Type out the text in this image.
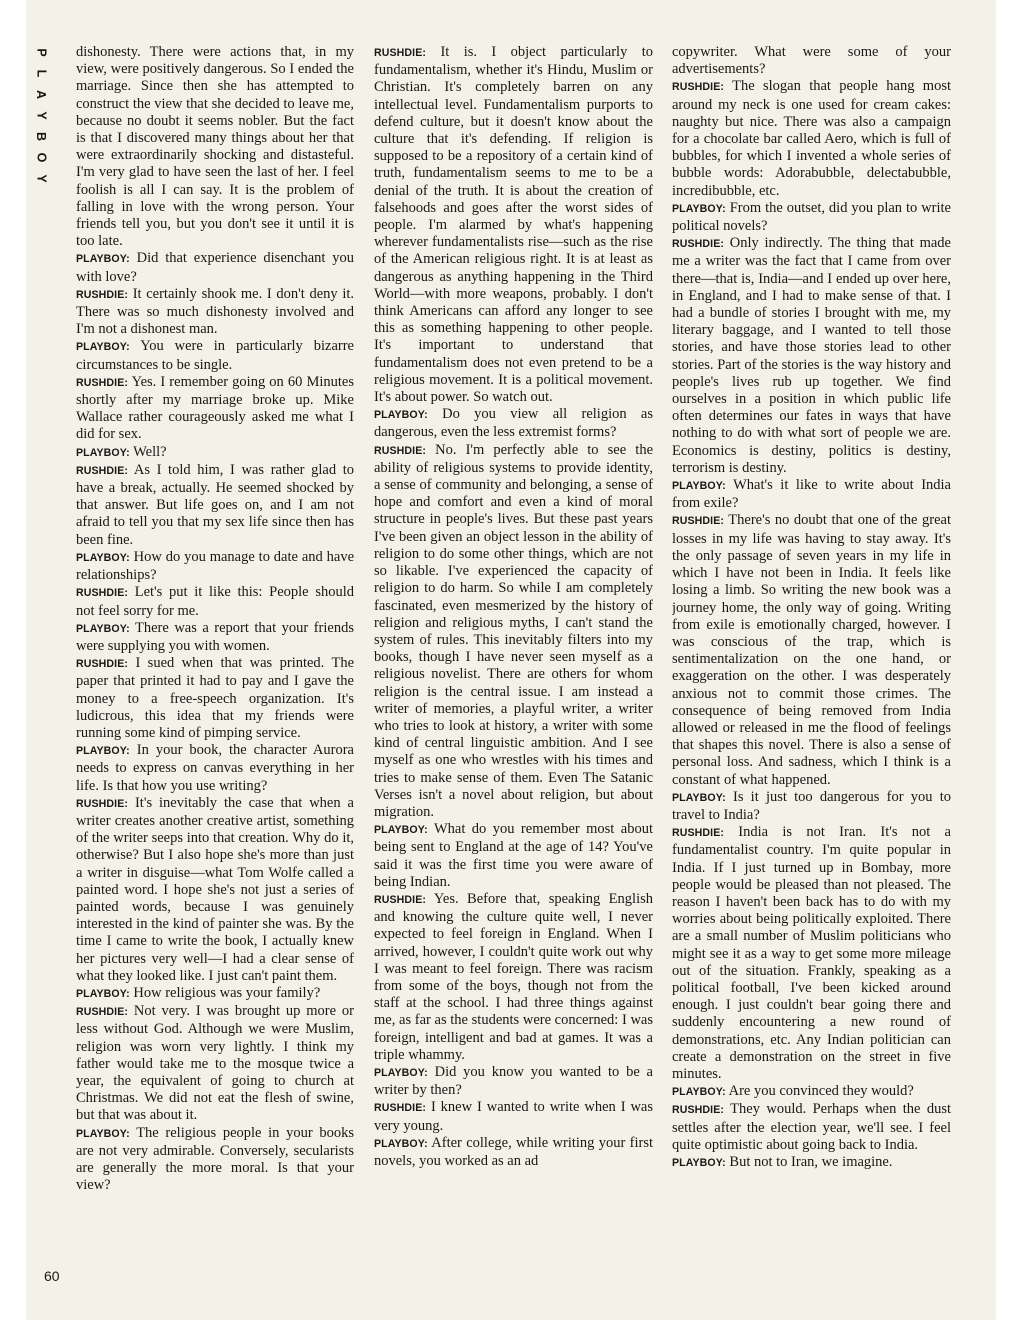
P
L
A
Y
B
O
Y
60

dishonesty. There were actions that, in my view, were positively dangerous. So I ended the marriage. Since then she has attempted to construct the view that she decided to leave me, because no doubt it seems nobler. But the fact is that I discovered many things about her that were extraordinarily shocking and distasteful. I'm very glad to have seen the last of her. I feel foolish is all I can say. It is the problem of falling in love with the wrong person. Your friends tell you, but you don't see it until it is too late.

PLAYBOY: Did that experience disenchant you with love?

RUSHDIE: It certainly shook me. I don't deny it. There was so much dishonesty involved and I'm not a dishonest man.

PLAYBOY: You were in particularly bizarre circumstances to be single.

RUSHDIE: Yes. I remember going on 60 Minutes shortly after my marriage broke up. Mike Wallace rather courageously asked me what I did for sex.

PLAYBOY: Well?

RUSHDIE: As I told him, I was rather glad to have a break, actually. He seemed shocked by that answer. But life goes on, and I am not afraid to tell you that my sex life since then has been fine.

PLAYBOY: How do you manage to date and have relationships?

RUSHDIE: Let's put it like this: People should not feel sorry for me.

PLAYBOY: There was a report that your friends were supplying you with women.

RUSHDIE: I sued when that was printed. The paper that printed it had to pay and I gave the money to a free-speech organization. It's ludicrous, this idea that my friends were running some kind of pimping service.

PLAYBOY: In your book, the character Aurora needs to express on canvas everything in her life. Is that how you use writing?

RUSHDIE: It's inevitably the case that when a writer creates another creative artist, something of the writer seeps into that creation. Why do it, otherwise? But I also hope she's more than just a writer in disguise—what Tom Wolfe called a painted word. I hope she's not just a series of painted words, because I was genuinely interested in the kind of painter she was. By the time I came to write the book, I actually knew her pictures very well—I had a clear sense of what they looked like. I just can't paint them.

PLAYBOY: How religious was your family?

RUSHDIE: Not very. I was brought up more or less without God. Although we were Muslim, religion was worn very lightly. I think my father would take me to the mosque twice a year, the equivalent of going to church at Christmas. We did not eat the flesh of swine, but that was about it.

PLAYBOY: The religious people in your books are not very admirable. Conversely, secularists are generally the more moral. Is that your view?

RUSHDIE: It is. I object particularly to fundamentalism, whether it's Hindu, Muslim or Christian. It's completely barren on any intellectual level. Fundamentalism purports to defend culture, but it doesn't know about the culture that it's defending. If religion is supposed to be a repository of a certain kind of truth, fundamentalism seems to me to be a denial of the truth. It is about the creation of falsehoods and goes after the worst sides of people. I'm alarmed by what's happening wherever fundamentalists rise—such as the rise of the American religious right. It is at least as dangerous as anything happening in the Third World—with more weapons, probably. I don't think Americans can afford any longer to see this as something happening to other people. It's important to understand that fundamentalism does not even pretend to be a religious movement. It is a political movement. It's about power. So watch out.

PLAYBOY: Do you view all religion as dangerous, even the less extremist forms?

RUSHDIE: No. I'm perfectly able to see the ability of religious systems to provide identity, a sense of community and belonging, a sense of hope and comfort and even a kind of moral structure in people's lives. But these past years I've been given an object lesson in the ability of religion to do some other things, which are not so likable. I've experienced the capacity of religion to do harm. So while I am completely fascinated, even mesmerized by the history of religion and religious myths, I can't stand the system of rules. This inevitably filters into my books, though I have never seen myself as a religious novelist. There are others for whom religion is the central issue. I am instead a writer of memories, a playful writer, a writer who tries to look at history, a writer with some kind of central linguistic ambition. And I see myself as one who wrestles with his times and tries to make sense of them. Even The Satanic Verses isn't a novel about religion, but about migration.

PLAYBOY: What do you remember most about being sent to England at the age of 14? You've said it was the first time you were aware of being Indian.

RUSHDIE: Yes. Before that, speaking English and knowing the culture quite well, I never expected to feel foreign in England. When I arrived, however, I couldn't quite work out why I was meant to feel foreign. There was racism from some of the boys, though not from the staff at the school. I had three things against me, as far as the students were concerned: I was foreign, intelligent and bad at games. It was a triple whammy.

PLAYBOY: Did you know you wanted to be a writer by then?

RUSHDIE: I knew I wanted to write when I was very young.

PLAYBOY: After college, while writing your first novels, you worked as an ad

copywriter. What were some of your advertisements?

RUSHDIE: The slogan that people hang most around my neck is one used for cream cakes: naughty but nice. There was also a campaign for a chocolate bar called Aero, which is full of bubbles, for which I invented a whole series of bubble words: Adorabubble, delectabubble, incredibubble, etc.

PLAYBOY: From the outset, did you plan to write political novels?

RUSHDIE: Only indirectly. The thing that made me a writer was the fact that I came from over there—that is, India—and I ended up over here, in England, and I had to make sense of that. I had a bundle of stories I brought with me, my literary baggage, and I wanted to tell those stories, and have those stories lead to other stories. Part of the stories is the way history and people's lives rub up together. We find ourselves in a position in which public life often determines our fates in ways that have nothing to do with what sort of people we are. Economics is destiny, politics is destiny, terrorism is destiny.

PLAYBOY: What's it like to write about India from exile?

RUSHDIE: There's no doubt that one of the great losses in my life was having to stay away. It's the only passage of seven years in my life in which I have not been in India. It feels like losing a limb. So writing the new book was a journey home, the only way of going. Writing from exile is emotionally charged, however. I was conscious of the trap, which is sentimentalization on the one hand, or exaggeration on the other. I was desperately anxious not to commit those crimes. The consequence of being removed from India allowed or released in me the flood of feelings that shapes this novel. There is also a sense of personal loss. And sadness, which I think is a constant of what happened.

PLAYBOY: Is it just too dangerous for you to travel to India?

RUSHDIE: India is not Iran. It's not a fundamentalist country. I'm quite popular in India. If I just turned up in Bombay, more people would be pleased than not pleased. The reason I haven't been back has to do with my worries about being politically exploited. There are a small number of Muslim politicians who might see it as a way to get some more mileage out of the situation. Frankly, speaking as a political football, I've been kicked around enough. I just couldn't bear going there and suddenly encountering a new round of demonstrations, etc. Any Indian politician can create a demonstration on the street in five minutes.

PLAYBOY: Are you convinced they would?

RUSHDIE: They would. Perhaps when the dust settles after the election year, we'll see. I feel quite optimistic about going back to India.

PLAYBOY: But not to Iran, we imagine.
